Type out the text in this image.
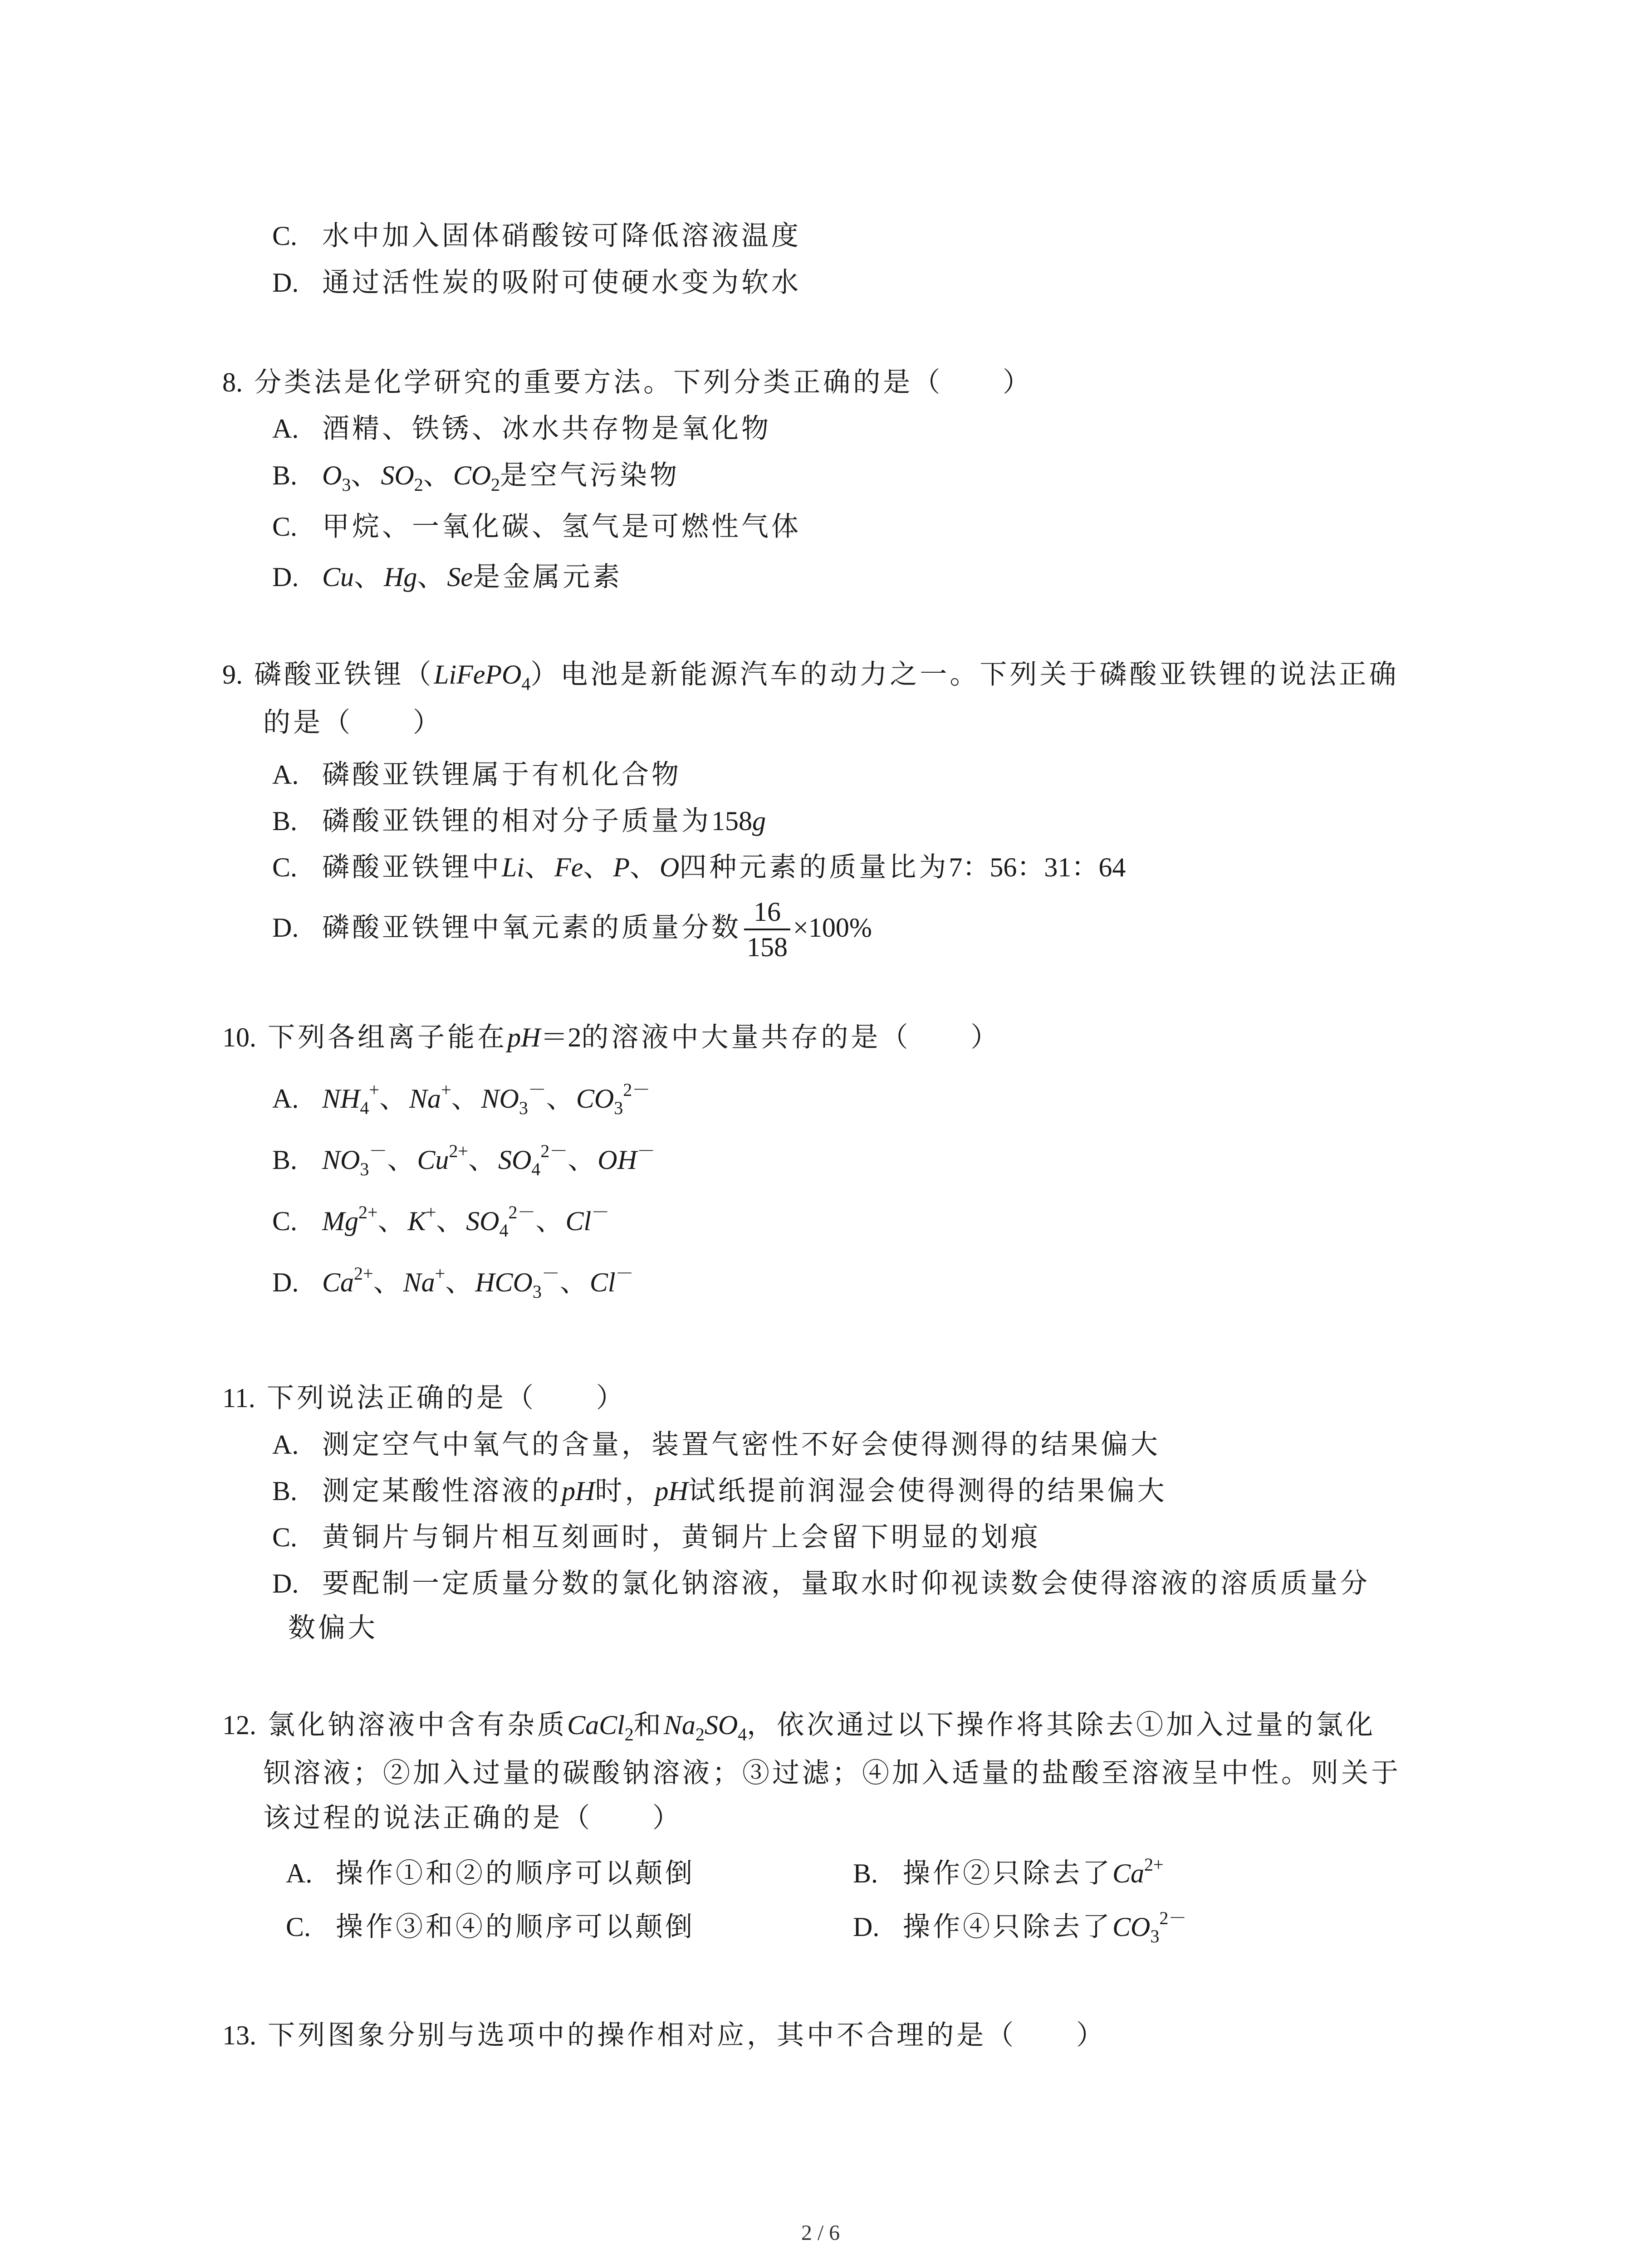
C. 水中加入固体硝酸铵可降低溶液温度
D. 通过活性炭的吸附可使硬水变为软水
8. 分类法是化学研究的重要方法。下列分类正确的是（　　）
A. 酒精、铁锈、冰水共存物是氧化物
B. $O_3$、$SO_2$、$CO_2$是空气污染物
C. 甲烷、一氧化碳、氢气是可燃性气体
D. Cu、Hg、Se是金属元素
9. 磷酸亚铁锂（LiFePO$_4$）电池是新能源汽车的动力之一。下列关于磷酸亚铁锂的说法正确
的是（　　）
A. 磷酸亚铁锂属于有机化合物
B. 磷酸亚铁锂的相对分子质量为158g
C. 磷酸亚铁锂中Li、Fe、P、O四种元素的质量比为7：56：31：64
D. 磷酸亚铁锂中氧元素的质量分数 $\frac{16}{158} \times 100\%$
10. 下列各组离子能在pH＝2的溶液中大量共存的是（　　）
A. $NH_4^+$、Na+、$NO_3^-$、$CO_3^{2-}$
B. $NO_3^-$、$Cu^{2+}$、$SO_4^{2-}$、OH－
C. $Mg^{2+}$、K+、$SO_4^{2-}$、Cl－
D. $Ca^{2+}$、Na+、$HCO_3^-$、Cl－
11. 下列说法正确的是（　　）
A. 测定空气中氧气的含量，装置气密性不好会使得测得的结果偏大
B. 测定某酸性溶液的pH时，pH试纸提前润湿会使得测得的结果偏大
C. 黄铜片与铜片相互刻画时，黄铜片上会留下明显的划痕
D. 要配制一定质量分数的氯化钠溶液，量取水时仰视读数会使得溶液的溶质质量分
数偏大
12. 氯化钠溶液中含有杂质CaCl$_2$和$Na_2SO_4$，依次通过以下操作将其除去①加入过量的氯化
钡溶液；②加入过量的碳酸钠溶液；③过滤；④加入适量的盐酸至溶液呈中性。则关于
该过程的说法正确的是（　　）
A. 操作①和②的顺序可以颠倒	B. 操作②只除去了$Ca^{2+}$
C. 操作③和④的顺序可以颠倒	D. 操作④只除去了$CO_3^{2-}$
13. 下列图象分别与选项中的操作相对应，其中不合理的是（　　）
2 / 6
